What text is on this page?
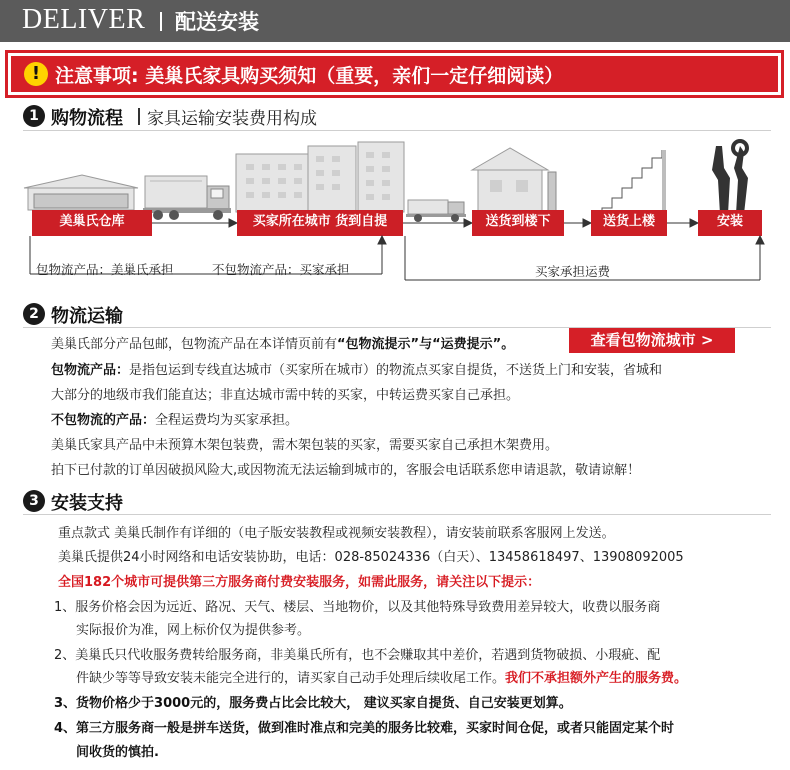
DELIVER 配送安装
! 注意事项: 美巢氏家具购买须知（重要，亲们一定仔细阅读）
1 购物流程 家具运输安装费用构成
美巢氏仓库	买家所在城市 货到自提	送货到楼下	送货上楼	安装
包物流产品：美巢氏承担	不包物流产品：买家承担	买家承担运费
2 物流运输
查看包物流城市 >
美巢氏部分产品包邮，包物流产品在本详情页前有“包物流提示”与“运费提示”。
包物流产品：是指包运到专线直达城市（买家所在城市）的物流点买家自提货，不送货上门和安装，省城和
大部分的地级市我们能直达；非直达城市需中转的买家，中转运费买家自己承担。
不包物流的产品：全程运费均为买家承担。
美巢氏家具产品中未预算木架包装费，需木架包装的买家，需要买家自己承担木架费用。
拍下已付款的订单因破损风险大,或因物流无法运输到城市的，客服会电话联系您申请退款，敬请谅解！
3 安装支持
重点款式 美巢氏制作有详细的（电子版安装教程或视频安装教程），请安装前联系客服网上发送。
美巢氏提供24小时网络和电话安装协助，电话：028-85024336（白天）、13458618497、13908092005
全国182个城市可提供第三方服务商付费安装服务，如需此服务，请关注以下提示：
1、服务价格会因为远近、路况、天气、楼层、当地物价，以及其他特殊导致费用差异较大，收费以服务商
实际报价为准，网上标价仅为提供参考。
2、美巢氏只代收服务费转给服务商，非美巢氏所有，也不会赚取其中差价，若遇到货物破损、小瑕疵、配
件缺少等等导致安装未能完全进行的，请买家自己动手处理后续收尾工作。我们不承担额外产生的服务费。
3、货物价格少于3000元的，服务费占比会比较大， 建议买家自提货、自己安装更划算。
4、第三方服务商一般是拼车送货，做到准时准点和完美的服务比较难，买家时间仓促，或者只能固定某个时
间收货的慎拍.
